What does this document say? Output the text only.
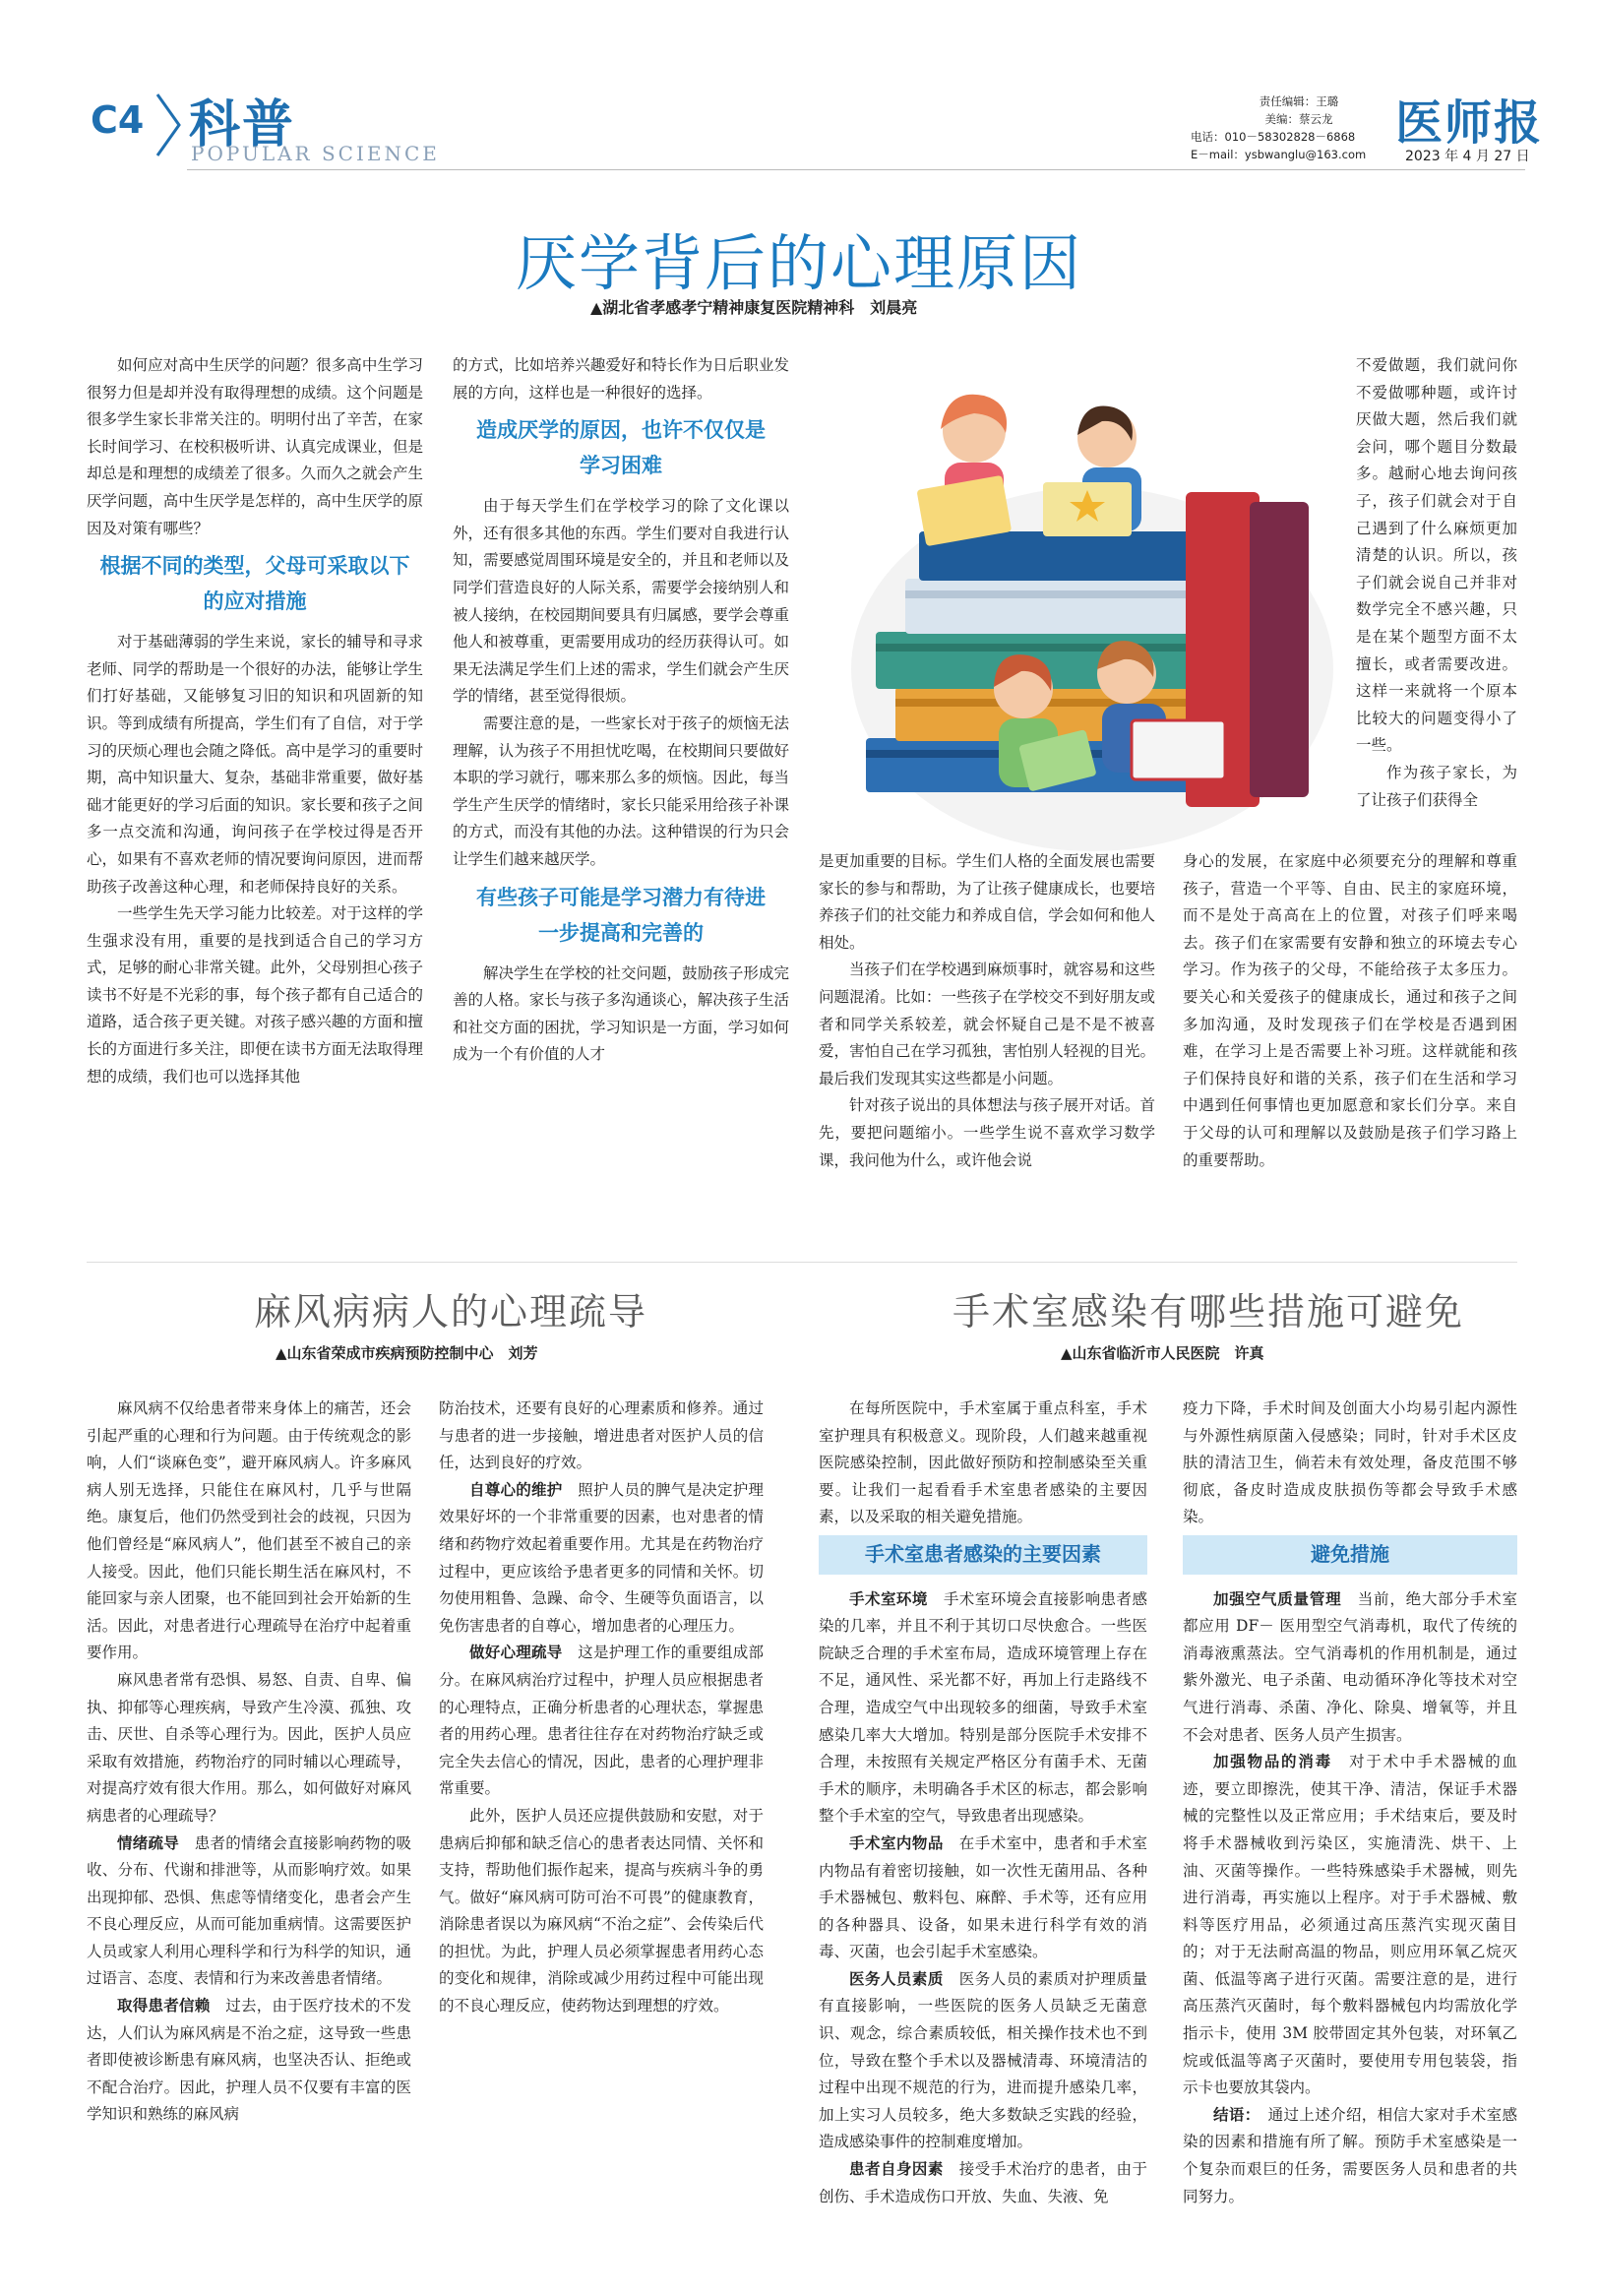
C4 科普
POPULAR SCIENCE
责任编辑：王璐
美编：蔡云龙
电话：010－58302828－6868
E－mail：ysbwanglu@163.com
医师报
2023 年 4 月 27 日
厌学背后的心理原因
▲湖北省孝感孝宁精神康复医院精神科　刘晨亮

如何应对高中生厌学的问题？很多高中生学习很努力但是却并没有取得理想的成绩。这个问题是很多学生家长非常关注的。明明付出了辛苦，在家长时间学习、在校积极听讲、认真完成课业，但是却总是和理想的成绩差了很多。久而久之就会产生厌学问题，高中生厌学是怎样的，高中生厌学的原因及对策有哪些？

根据不同的类型，父母可采取以下的应对措施

对于基础薄弱的学生来说，家长的辅导和寻求老师、同学的帮助是一个很好的办法，能够让学生们打好基础，又能够复习旧的知识和巩固新的知识。等到成绩有所提高，学生们有了自信，对于学习的厌烦心理也会随之降低。高中是学习的重要时期，高中知识量大、复杂，基础非常重要，做好基础才能更好的学习后面的知识。家长要和孩子之间多一点交流和沟通，询问孩子在学校过得是否开心，如果有不喜欢老师的情况要询问原因，进而帮助孩子改善这种心理，和老师保持良好的关系。

一些学生先天学习能力比较差。对于这样的学生强求没有用，重要的是找到适合自己的学习方式，足够的耐心非常关键。此外，父母别担心孩子读书不好是不光彩的事，每个孩子都有自己适合的道路，适合孩子更关键。对孩子感兴趣的方面和擅长的方面进行多关注，即便在读书方面无法取得理想的成绩，我们也可以选择其他

的方式，比如培养兴趣爱好和特长作为日后职业发展的方向，这样也是一种很好的选择。

造成厌学的原因，也许不仅仅是学习困难

由于每天学生们在学校学习的除了文化课以外，还有很多其他的东西。学生们要对自我进行认知，需要感觉周围环境是安全的，并且和老师以及同学们营造良好的人际关系，需要学会接纳别人和被人接纳，在校园期间要具有归属感，要学会尊重他人和被尊重，更需要用成功的经历获得认可。如果无法满足学生们上述的需求，学生们就会产生厌学的情绪，甚至觉得很烦。

需要注意的是，一些家长对于孩子的烦恼无法理解，认为孩子不用担忧吃喝，在校期间只要做好本职的学习就行，哪来那么多的烦恼。因此，每当学生产生厌学的情绪时，家长只能采用给孩子补课的方式，而没有其他的办法。这种错误的行为只会让学生们越来越厌学。

有些孩子可能是学习潜力有待进一步提高和完善的

解决学生在学校的社交问题，鼓励孩子形成完善的人格。家长与孩子多沟通谈心，解决孩子生活和社交方面的困扰，学习知识是一方面，学习如何成为一个有价值的人才

是更加重要的目标。学生们人格的全面发展也需要家长的参与和帮助，为了让孩子健康成长，也要培养孩子们的社交能力和养成自信，学会如何和他人相处。

当孩子们在学校遇到麻烦事时，就容易和这些问题混淆。比如：一些孩子在学校交不到好朋友或者和同学关系较差，就会怀疑自己是不是不被喜爱，害怕自己在学习孤独，害怕别人轻视的目光。最后我们发现其实这些都是小问题。

针对孩子说出的具体想法与孩子展开对话。首先，要把问题缩小。一些学生说不喜欢学习数学课，我问他为什么，或许他会说

不爱做题，我们就问你不爱做哪种题，或许讨厌做大题，然后我们就会问，哪个题目分数最多。越耐心地去询问孩子，孩子们就会对于自己遇到了什么麻烦更加清楚的认识。所以，孩子们就会说自己并非对数学完全不感兴趣，只是在某个题型方面不太擅长，或者需要改进。这样一来就将一个原本比较大的问题变得小了一些。

作为孩子家长，为了让孩子们获得全

身心的发展，在家庭中必须要充分的理解和尊重孩子，营造一个平等、自由、民主的家庭环境，而不是处于高高在上的位置，对孩子们呼来喝去。孩子们在家需要有安静和独立的环境去专心学习。作为孩子的父母，不能给孩子太多压力。要关心和关爱孩子的健康成长，通过和孩子之间多加沟通，及时发现孩子们在学校是否遇到困难，在学习上是否需要上补习班。这样就能和孩子们保持良好和谐的关系，孩子们在生活和学习中遇到任何事情也更加愿意和家长们分享。来自于父母的认可和理解以及鼓励是孩子们学习路上的重要帮助。

麻风病病人的心理疏导
▲山东省荣成市疾病预防控制中心　刘芳

麻风病不仅给患者带来身体上的痛苦，还会引起严重的心理和行为问题。由于传统观念的影响，人们“谈麻色变”，避开麻风病人。许多麻风病人别无选择，只能住在麻风村，几乎与世隔绝。康复后，他们仍然受到社会的歧视，只因为他们曾经是“麻风病人”，他们甚至不被自己的亲人接受。因此，他们只能长期生活在麻风村，不能回家与亲人团聚，也不能回到社会开始新的生活。因此，对患者进行心理疏导在治疗中起着重要作用。

麻风患者常有恐惧、易怒、自责、自卑、偏执、抑郁等心理疾病，导致产生冷漠、孤独、攻击、厌世、自杀等心理行为。因此，医护人员应采取有效措施，药物治疗的同时辅以心理疏导，对提高疗效有很大作用。那么，如何做好对麻风病患者的心理疏导？

情绪疏导　患者的情绪会直接影响药物的吸收、分布、代谢和排泄等，从而影响疗效。如果出现抑郁、恐惧、焦虑等情绪变化，患者会产生不良心理反应，从而可能加重病情。这需要医护人员或家人利用心理科学和行为科学的知识，通过语言、态度、表情和行为来改善患者情绪。

取得患者信赖　过去，由于医疗技术的不发达，人们认为麻风病是不治之症，这导致一些患者即使被诊断患有麻风病，也坚决否认、拒绝或不配合治疗。因此，护理人员不仅要有丰富的医学知识和熟练的麻风病

防治技术，还要有良好的心理素质和修养。通过与患者的进一步接触，增进患者对医护人员的信任，达到良好的疗效。

自尊心的维护　照护人员的脾气是决定护理效果好坏的一个非常重要的因素，也对患者的情绪和药物疗效起着重要作用。尤其是在药物治疗过程中，更应该给予患者更多的同情和关怀。切勿使用粗鲁、急躁、命令、生硬等负面语言，以免伤害患者的自尊心，增加患者的心理压力。

做好心理疏导　这是护理工作的重要组成部分。在麻风病治疗过程中，护理人员应根据患者的心理特点，正确分析患者的心理状态，掌握患者的用药心理。患者往往存在对药物治疗缺乏或完全失去信心的情况，因此，患者的心理护理非常重要。

此外，医护人员还应提供鼓励和安慰，对于患病后抑郁和缺乏信心的患者表达同情、关怀和支持，帮助他们振作起来，提高与疾病斗争的勇气。做好“麻风病可防可治不可畏”的健康教育，消除患者误以为麻风病“不治之症”、会传染后代的担忧。为此，护理人员必须掌握患者用药心态的变化和规律，消除或减少用药过程中可能出现的不良心理反应，使药物达到理想的疗效。

手术室感染有哪些措施可避免
▲山东省临沂市人民医院　许真

在每所医院中，手术室属于重点科室，手术室护理具有积极意义。现阶段，人们越来越重视医院感染控制，因此做好预防和控制感染至关重要。让我们一起看看手术室患者感染的主要因素，以及采取的相关避免措施。

手术室患者感染的主要因素

手术室环境　手术室环境会直接影响患者感染的几率，并且不利于其切口尽快愈合。一些医院缺乏合理的手术室布局，造成环境管理上存在不足，通风性、采光都不好，再加上行走路线不合理，造成空气中出现较多的细菌，导致手术室感染几率大大增加。特别是部分医院手术安排不合理，未按照有关规定严格区分有菌手术、无菌手术的顺序，未明确各手术区的标志，都会影响整个手术室的空气，导致患者出现感染。

手术室内物品　在手术室中，患者和手术室内物品有着密切接触，如一次性无菌用品、各种手术器械包、敷料包、麻醉、手术等，还有应用的各种器具、设备，如果未进行科学有效的消毒、灭菌，也会引起手术室感染。

医务人员素质　医务人员的素质对护理质量有直接影响，一些医院的医务人员缺乏无菌意识、观念，综合素质较低，相关操作技术也不到位，导致在整个手术以及器械清毒、环境清洁的过程中出现不规范的行为，进而提升感染几率，加上实习人员较多，绝大多数缺乏实践的经验，造成感染事件的控制难度增加。

患者自身因素　接受手术治疗的患者，由于创伤、手术造成伤口开放、失血、失液、免

疫力下降，手术时间及创面大小均易引起内源性与外源性病原菌入侵感染；同时，针对手术区皮肤的清洁卫生，倘若未有效处理，备皮范围不够彻底，备皮时造成皮肤损伤等都会导致手术感染。

避免措施

加强空气质量管理　当前，绝大部分手术室都应用 DF－ 医用型空气消毒机，取代了传统的消毒液熏蒸法。空气消毒机的作用机制是，通过紫外激光、电子杀菌、电动循环净化等技术对空气进行消毒、杀菌、净化、除臭、增氧等，并且不会对患者、医务人员产生损害。

加强物品的消毒　对于术中手术器械的血迹，要立即擦洗，使其干净、清洁，保证手术器械的完整性以及正常应用；手术结束后，要及时将手术器械收到污染区，实施清洗、烘干、上油、灭菌等操作。一些特殊感染手术器械，则先进行消毒，再实施以上程序。对于手术器械、敷料等医疗用品，必须通过高压蒸汽实现灭菌目的；对于无法耐高温的物品，则应用环氧乙烷灭菌、低温等离子进行灭菌。需要注意的是，进行高压蒸汽灭菌时，每个敷料器械包内均需放化学指示卡，使用 3M 胶带固定其外包装，对环氧乙烷或低温等离子灭菌时，要使用专用包装袋，指示卡也要放其袋内。

结语：　通过上述介绍，相信大家对手术室感染的因素和措施有所了解。预防手术室感染是一个复杂而艰巨的任务，需要医务人员和患者的共同努力。
